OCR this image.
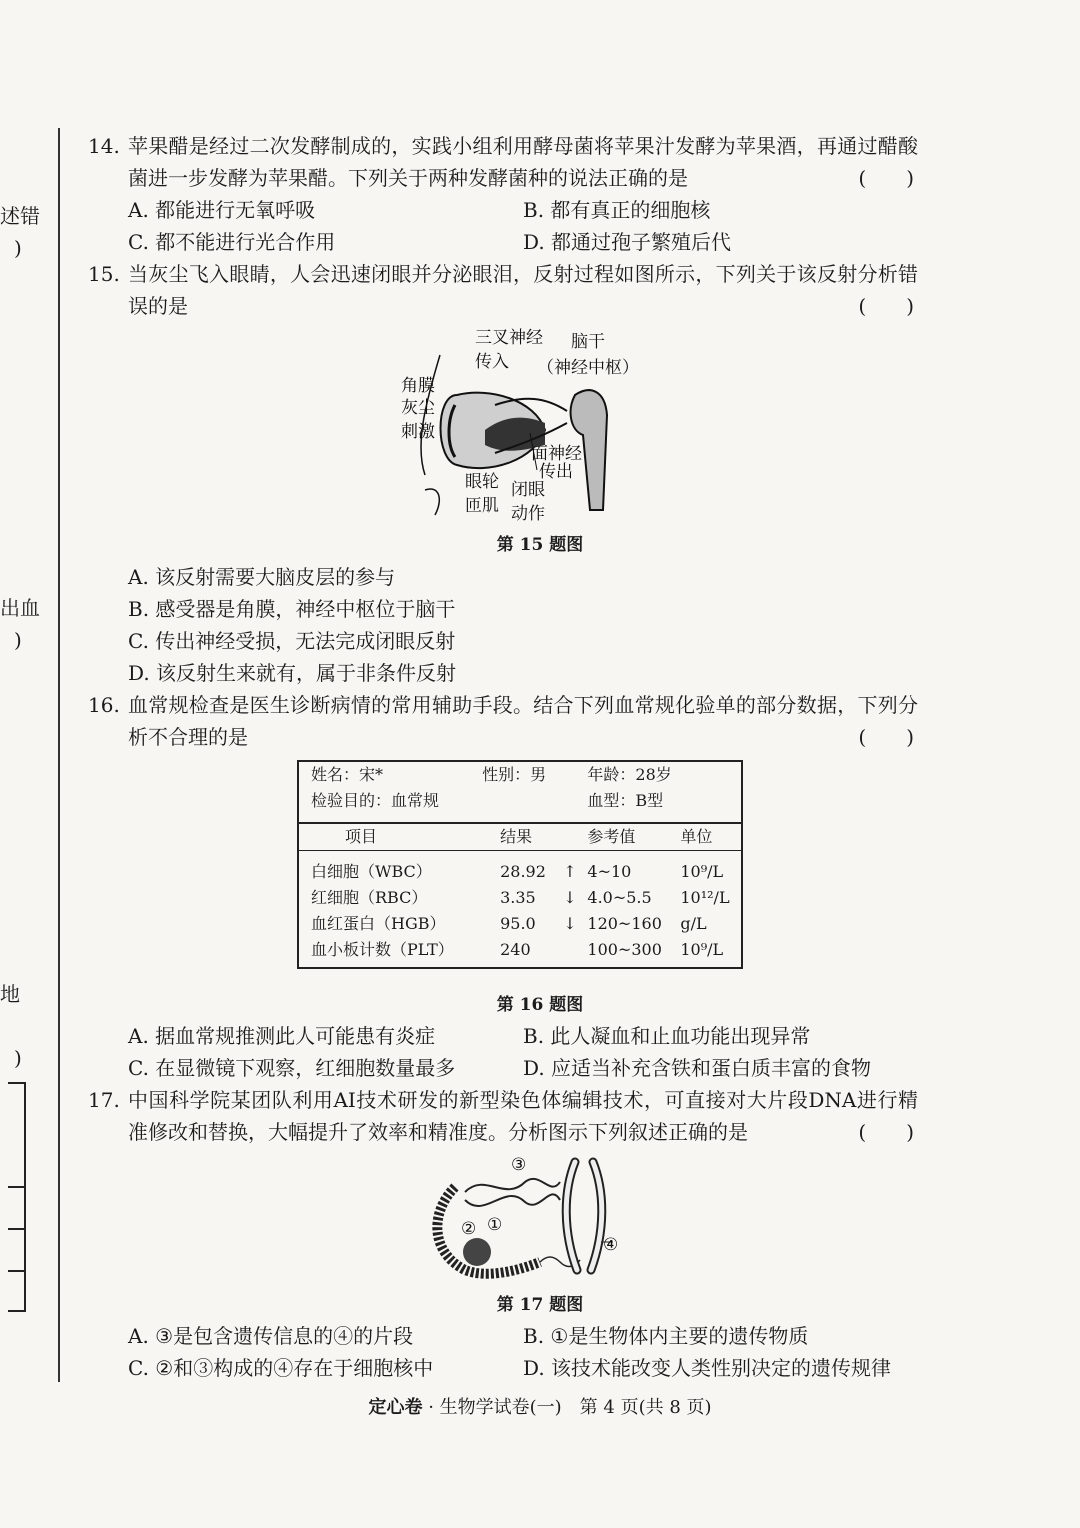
述错
)
出血
)
地
)
14. 苹果醋是经过二次发酵制成的，实践小组利用酵母菌将苹果汁发酵为苹果酒，再通过醋酸菌进一步发酵为苹果醋。下列关于两种发酵菌种的说法正确的是	(　　)
A. 都能进行无氧呼吸	B. 都有真正的细胞核
C. 都不能进行光合作用	D. 都通过孢子繁殖后代
15. 当灰尘飞入眼睛，人会迅速闭眼并分泌眼泪，反射过程如图所示，下列关于该反射分析错误的是	(　　)
三叉神经
传入
脑干
（神经中枢）
角膜
灰尘
刺激
面神经
传出
眼轮
匝肌
闭眼
动作
第 15 题图
A. 该反射需要大脑皮层的参与
B. 感受器是角膜，神经中枢位于脑干
C. 传出神经受损，无法完成闭眼反射
D. 该反射生来就有，属于非条件反射
16. 血常规检查是医生诊断病情的常用辅助手段。结合下列血常规化验单的部分数据，下列分析不合理的是	(　　)
姓名：宋*	性别：男		年龄：28岁	
检验目的：血常规			血型：B型	
项目	结果		参考值	单位
白细胞（WBC）	28.92	↑	4~10	10⁹/L
红细胞（RBC）	3.35	↓	4.0~5.5	10¹²/L
血红蛋白（HGB）	95.0	↓	120~160	g/L
血小板计数（PLT）	240		100~300	10⁹/L
第 16 题图
A. 据血常规推测此人可能患有炎症	B. 此人凝血和止血功能出现异常
C. 在显微镜下观察，红细胞数量最多	D. 应适当补充含铁和蛋白质丰富的食物
17. 中国科学院某团队利用AI技术研发的新型染色体编辑技术，可直接对大片段DNA进行精准修改和替换，大幅提升了效率和精准度。分析图示下列叙述正确的是	(　　)
③
② ①
④
第 17 题图
A. ③是包含遗传信息的④的片段	B. ①是生物体内主要的遗传物质
C. ②和③构成的④存在于细胞核中	D. 该技术能改变人类性别决定的遗传规律
定心卷 · 生物学试卷(一)　第 4 页(共 8 页)
